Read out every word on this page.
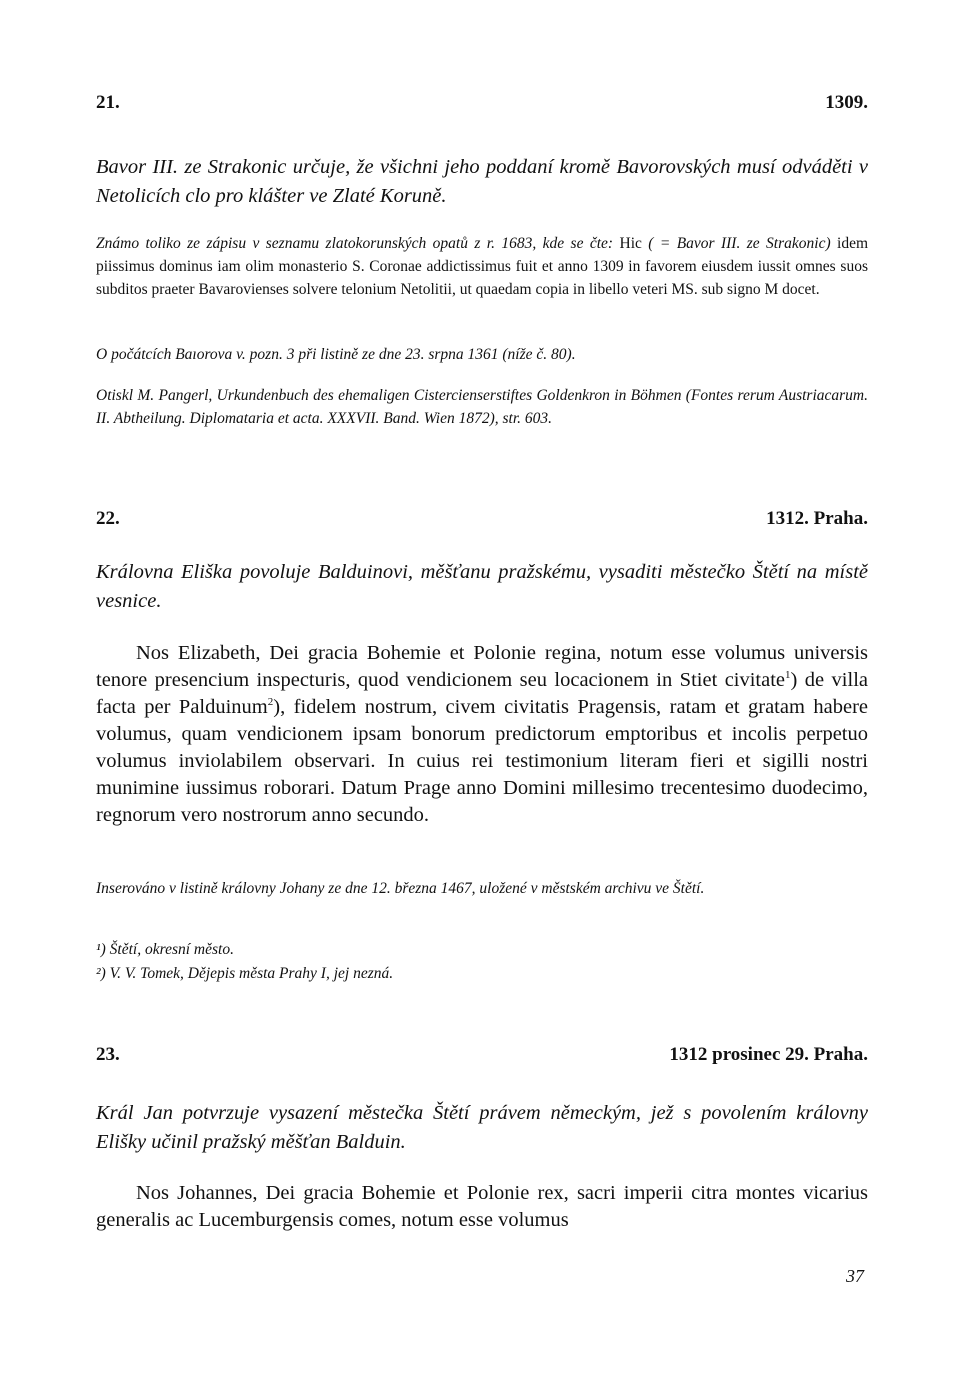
21.	1309.
Bavor III. ze Strakonic určuje, že všichni jeho poddaní kromě Bavorovských musí odváděti v Netolicích clo pro klášter ve Zlaté Koruně.
Známo toliko ze zápisu v seznamu zlatokorunských opatů z r. 1683, kde se čte: Hic ( = Bavor III. ze Strakonic) idem piissimus dominus iam olim monasterio S. Coronae addictissimus fuit et anno 1309 in favorem eiusdem iussit omnes suos subditos praeter Bavarovienses solvere telonium Netolitii, ut quaedam copia in libello veteri MS. sub signo M docet.
O počátcích Baıorova v. pozn. 3 při listině ze dne 23. srpna 1361 (níže č. 80).
Otiskl M. Pangerl, Urkundenbuch des ehemaligen Cistercienserstiftes Goldenkron in Böhmen (Fontes rerum Austriacarum. II. Abtheilung. Diplomataria et acta. XXXVII. Band. Wien 1872), str. 603.
22.	1312. Praha.
Královna Eliška povoluje Balduinovi, měšťanu pražskému, vysaditi městečko Štětí na místě vesnice.
Nos Elizabeth, Dei gracia Bohemie et Polonie regina, notum esse volumus universis tenore presencium inspecturis, quod vendicionem seu locacionem in Stiet civitate$^1$) de villa facta per Palduinum$^2$), fidelem nostrum, civem civitatis Pragensis, ratam et gratam habere volumus, quam vendicionem ipsam bonorum predictorum emptoribus et incolis perpetuo volumus inviolabilem observari. In cuius rei testimonium literam fieri et sigilli nostri munimine iussimus roborari. Datum Prage anno Domini millesimo trecentesimo duodecimo, regnorum vero nostrorum anno secundo.
Inserováno v listině královny Johany ze dne 12. března 1467, uložené v městském archivu ve Štětí.
¹) Štětí, okresní město.
²) V. V. Tomek, Dějepis města Prahy I, jej nezná.
23.	1312 prosinec 29. Praha.
Král Jan potvrzuje vysazení městečka Štětí právem německým, jež s povolením královny Elišky učinil pražský měšťan Balduin.
Nos Johannes, Dei gracia Bohemie et Polonie rex, sacri imperii citra montes vicarius generalis ac Lucemburgensis comes, notum esse volumus
37
